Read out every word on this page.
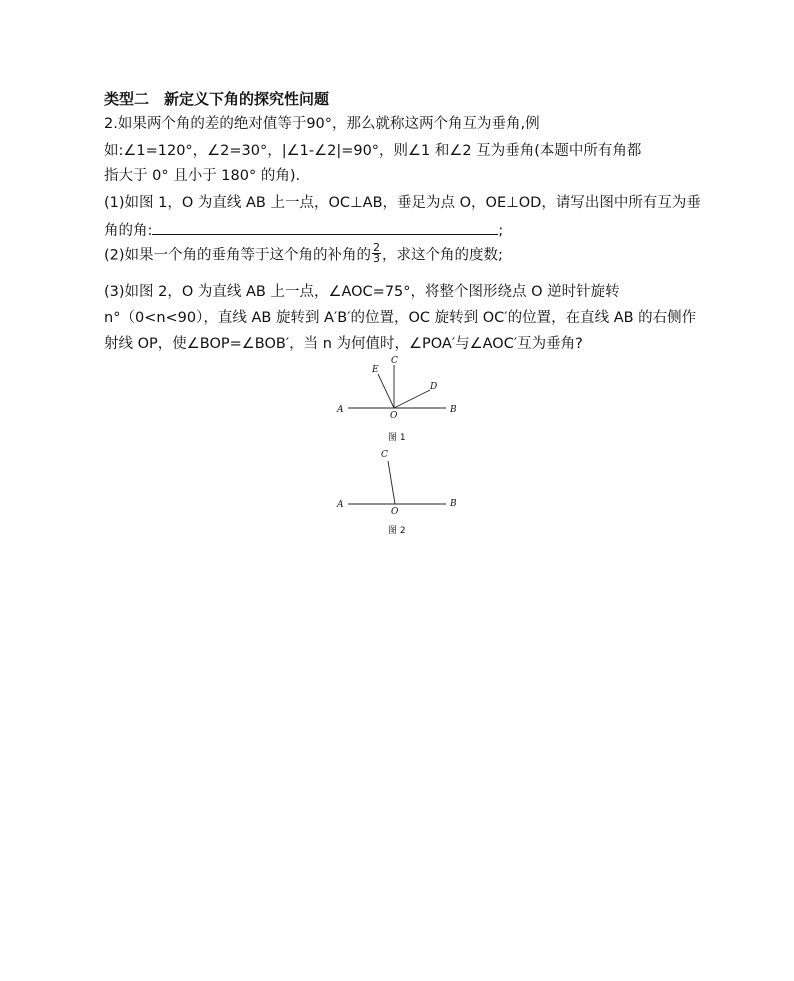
类型二　新定义下角的探究性问题

2.如果两个角的差的绝对值等于90°，那么就称这两个角互为垂角,例

如:∠1=120°，∠2=30°，|∠1-∠2|=90°，则∠1 和∠2 互为垂角(本题中所有角都

指大于 0° 且小于 180° 的角).

(1)如图 1，O 为直线 AB 上一点，OC⊥AB，垂足为点 O，OE⊥OD，请写出图中所有互为垂

角的角:	;

(2)如果一个角的垂角等于这个角的补角的 $\frac{2}{3}$ ，求这个角的度数;

(3)如图 2，O 为直线 AB 上一点，∠AOC=75°，将整个图形绕点 O 逆时针旋转

n°（0<n<90），直线 AB 旋转到 A′B′的位置，OC 旋转到 OC′的位置，在直线 AB 的右侧作

射线 OP，使∠BOP=∠BOB′，当 n 为何值时，∠POA′与∠AOC′互为垂角?

A	B
C
E
D
O
图 1
A	B
C
O
图 2
